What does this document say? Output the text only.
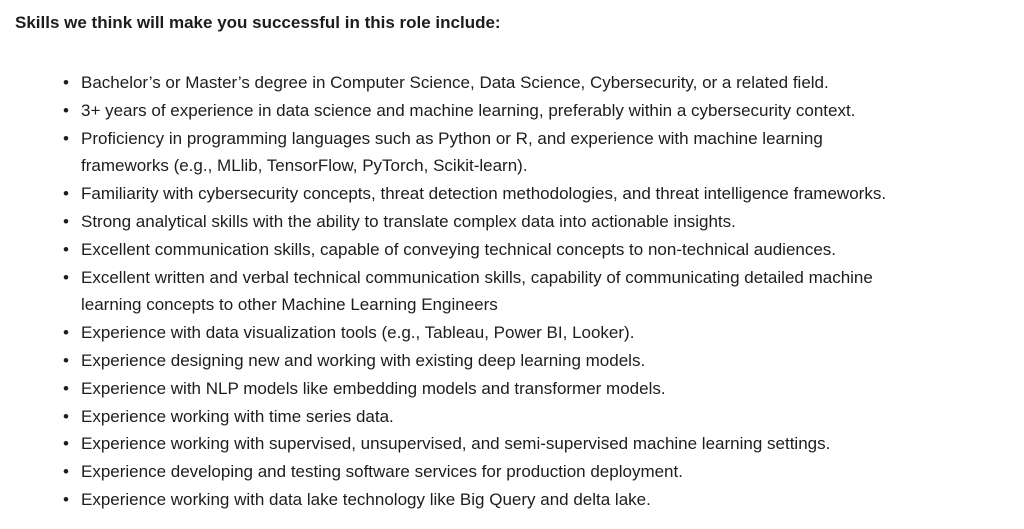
Skills we think will make you successful in this role include:

• Bachelor’s or Master’s degree in Computer Science, Data Science, Cybersecurity, or a related field.
• 3+ years of experience in data science and machine learning, preferably within a cybersecurity context.
• Proficiency in programming languages such as Python or R, and experience with machine learning
frameworks (e.g., MLlib, TensorFlow, PyTorch, Scikit-learn).
• Familiarity with cybersecurity concepts, threat detection methodologies, and threat intelligence frameworks.
• Strong analytical skills with the ability to translate complex data into actionable insights.
• Excellent communication skills, capable of conveying technical concepts to non-technical audiences.
• Excellent written and verbal technical communication skills, capability of communicating detailed machine
learning concepts to other Machine Learning Engineers
• Experience with data visualization tools (e.g., Tableau, Power BI, Looker).
• Experience designing new and working with existing deep learning models.
• Experience with NLP models like embedding models and transformer models.
• Experience working with time series data.
• Experience working with supervised, unsupervised, and semi-supervised machine learning settings.
• Experience developing and testing software services for production deployment.
• Experience working with data lake technology like Big Query and delta lake.
